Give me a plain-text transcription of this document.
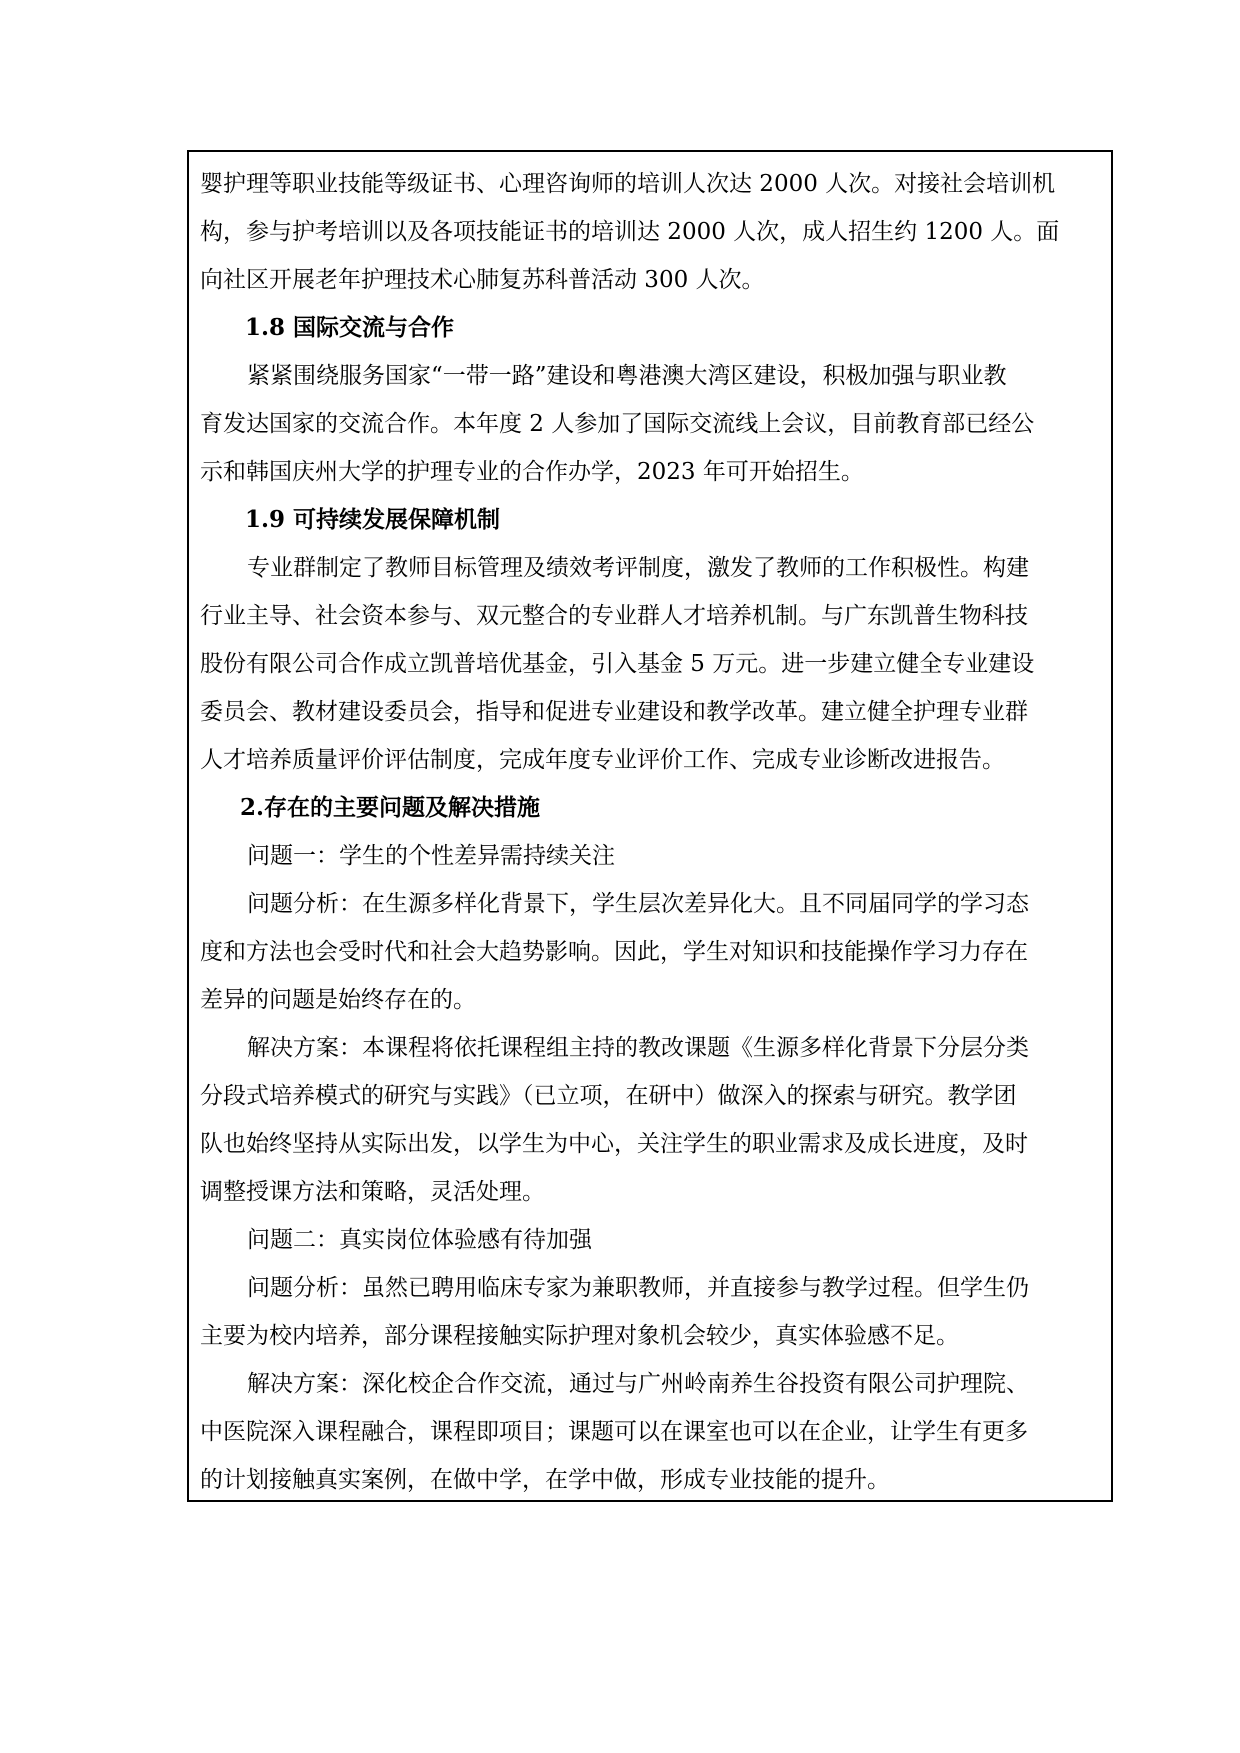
婴护理等职业技能等级证书、心理咨询师的培训人次达 2000 人次。对接社会培训机
构，参与护考培训以及各项技能证书的培训达 2000 人次，成人招生约 1200 人。面
向社区开展老年护理技术心肺复苏科普活动 300 人次。
1.8 国际交流与合作
紧紧围绕服务国家“一带一路”建设和粤港澳大湾区建设，积极加强与职业教
育发达国家的交流合作。本年度 2 人参加了国际交流线上会议，目前教育部已经公
示和韩国庆州大学的护理专业的合作办学，2023 年可开始招生。
1.9 可持续发展保障机制
专业群制定了教师目标管理及绩效考评制度，激发了教师的工作积极性。构建
行业主导、社会资本参与、双元整合的专业群人才培养机制。与广东凯普生物科技
股份有限公司合作成立凯普培优基金，引入基金 5 万元。进一步建立健全专业建设
委员会、教材建设委员会，指导和促进专业建设和教学改革。建立健全护理专业群
人才培养质量评价评估制度，完成年度专业评价工作、完成专业诊断改进报告。
2.存在的主要问题及解决措施
问题一：学生的个性差异需持续关注
问题分析：在生源多样化背景下，学生层次差异化大。且不同届同学的学习态
度和方法也会受时代和社会大趋势影响。因此，学生对知识和技能操作学习力存在
差异的问题是始终存在的。
解决方案：本课程将依托课程组主持的教改课题《生源多样化背景下分层分类
分段式培养模式的研究与实践》（已立项，在研中）做深入的探索与研究。教学团
队也始终坚持从实际出发，以学生为中心，关注学生的职业需求及成长进度，及时
调整授课方法和策略，灵活处理。
问题二：真实岗位体验感有待加强
问题分析：虽然已聘用临床专家为兼职教师，并直接参与教学过程。但学生仍
主要为校内培养，部分课程接触实际护理对象机会较少，真实体验感不足。
解决方案：深化校企合作交流，通过与广州岭南养生谷投资有限公司护理院、
中医院深入课程融合，课程即项目；课题可以在课室也可以在企业，让学生有更多
的计划接触真实案例，在做中学，在学中做，形成专业技能的提升。
